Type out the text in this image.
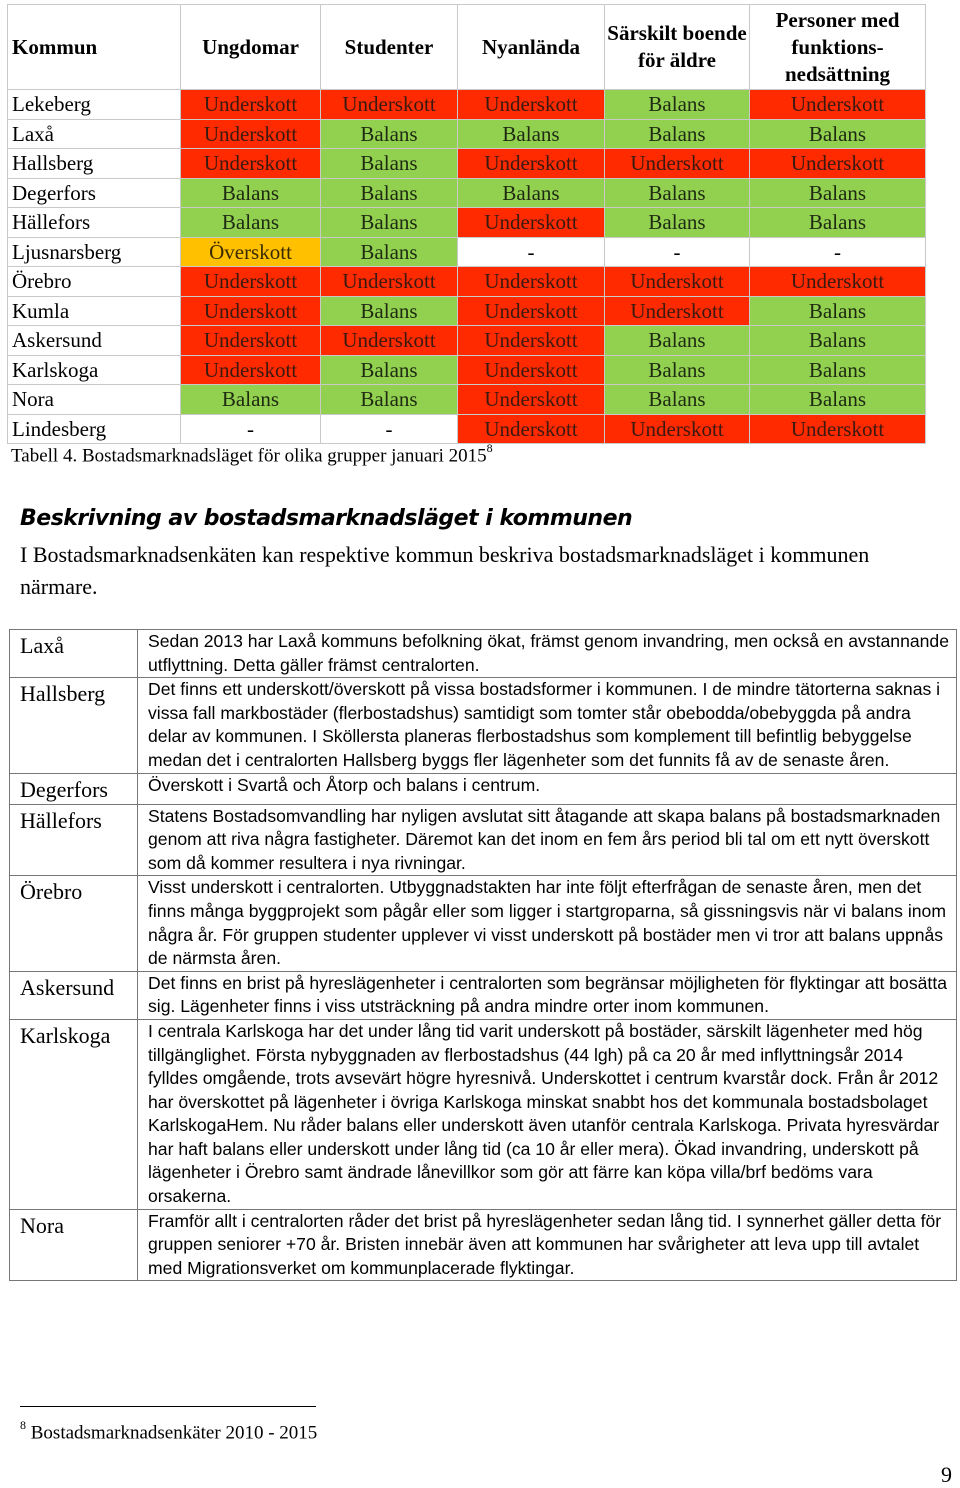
Kommun	Ungdomar	Studenter	Nyanlända	Särskilt boende för äldre	Personer med funktions-nedsättning
Lekeberg	Underskott	Underskott	Underskott	Balans	Underskott
Laxå	Underskott	Balans	Balans	Balans	Balans
Hallsberg	Underskott	Balans	Underskott	Underskott	Underskott
Degerfors	Balans	Balans	Balans	Balans	Balans
Hällefors	Balans	Balans	Underskott	Balans	Balans
Ljusnarsberg	Överskott	Balans	-	-	-
Örebro	Underskott	Underskott	Underskott	Underskott	Underskott
Kumla	Underskott	Balans	Underskott	Underskott	Balans
Askersund	Underskott	Underskott	Underskott	Balans	Balans
Karlskoga	Underskott	Balans	Underskott	Balans	Balans
Nora	Balans	Balans	Underskott	Balans	Balans
Lindesberg	-	-	Underskott	Underskott	Underskott
Tabell 4. Bostadsmarknadsläget för olika grupper januari 2015$^8$
Beskrivning av bostadsmarknadsläget i kommunen

I Bostadsmarknadsenkäten kan respektive kommun beskriva bostadsmarknadsläget i kommunen närmare.

Laxå	Sedan 2013 har Laxå kommuns befolkning ökat, främst genom invandring, men också en avstannande utflyttning. Detta gäller främst centralorten.
Hallsberg	Det finns ett underskott/överskott på vissa bostadsformer i kommunen. I de mindre tätorterna saknas i vissa fall markbostäder (flerbostadshus) samtidigt som tomter står obebodda/obebyggda på andra delar av kommunen. I Sköllersta planeras flerbostadshus som komplement till befintlig bebyggelse medan det i centralorten Hallsberg byggs fler lägenheter som det funnits få av de senaste åren.
Degerfors	Överskott i Svartå och Åtorp och balans i centrum.
Hällefors	Statens Bostadsomvandling har nyligen avslutat sitt åtagande att skapa balans på bostadsmarknaden genom att riva några fastigheter. Däremot kan det inom en fem års period bli tal om ett nytt överskott som då kommer resultera i nya rivningar.
Örebro	Visst underskott i centralorten. Utbyggnadstakten har inte följt efterfrågan de senaste åren, men det finns många byggprojekt som pågår eller som ligger i startgroparna, så gissningsvis när vi balans inom några år. För gruppen studenter upplever vi visst underskott på bostäder men vi tror att balans uppnås de närmsta åren.
Askersund	Det finns en brist på hyreslägenheter i centralorten som begränsar möjligheten för flyktingar att bosätta sig. Lägenheter finns i viss utsträckning på andra mindre orter inom kommunen.
Karlskoga	I centrala Karlskoga har det under lång tid varit underskott på bostäder, särskilt lägenheter med hög tillgänglighet. Första nybyggnaden av flerbostadshus (44 lgh) på ca 20 år med inflyttningsår 2014 fylldes omgående, trots avsevärt högre hyresnivå. Underskottet i centrum kvarstår dock. Från år 2012 har överskottet på lägenheter i övriga Karlskoga minskat snabbt hos det kommunala bostadsbolaget KarlskogaHem. Nu råder balans eller underskott även utanför centrala Karlskoga. Privata hyresvärdar har haft balans eller underskott under lång tid (ca 10 år eller mera). Ökad invandring, underskott på lägenheter i Örebro samt ändrade lånevillkor som gör att färre kan köpa villa/brf bedöms vara orsakerna.
Nora	Framför allt i centralorten råder det brist på hyreslägenheter sedan lång tid. I synnerhet gäller detta för gruppen seniorer +70 år. Bristen innebär även att kommunen har svårigheter att leva upp till avtalet med Migrationsverket om kommunplacerade flyktingar.
$^8$ Bostadsmarknadsenkäter 2010 - 2015
9
